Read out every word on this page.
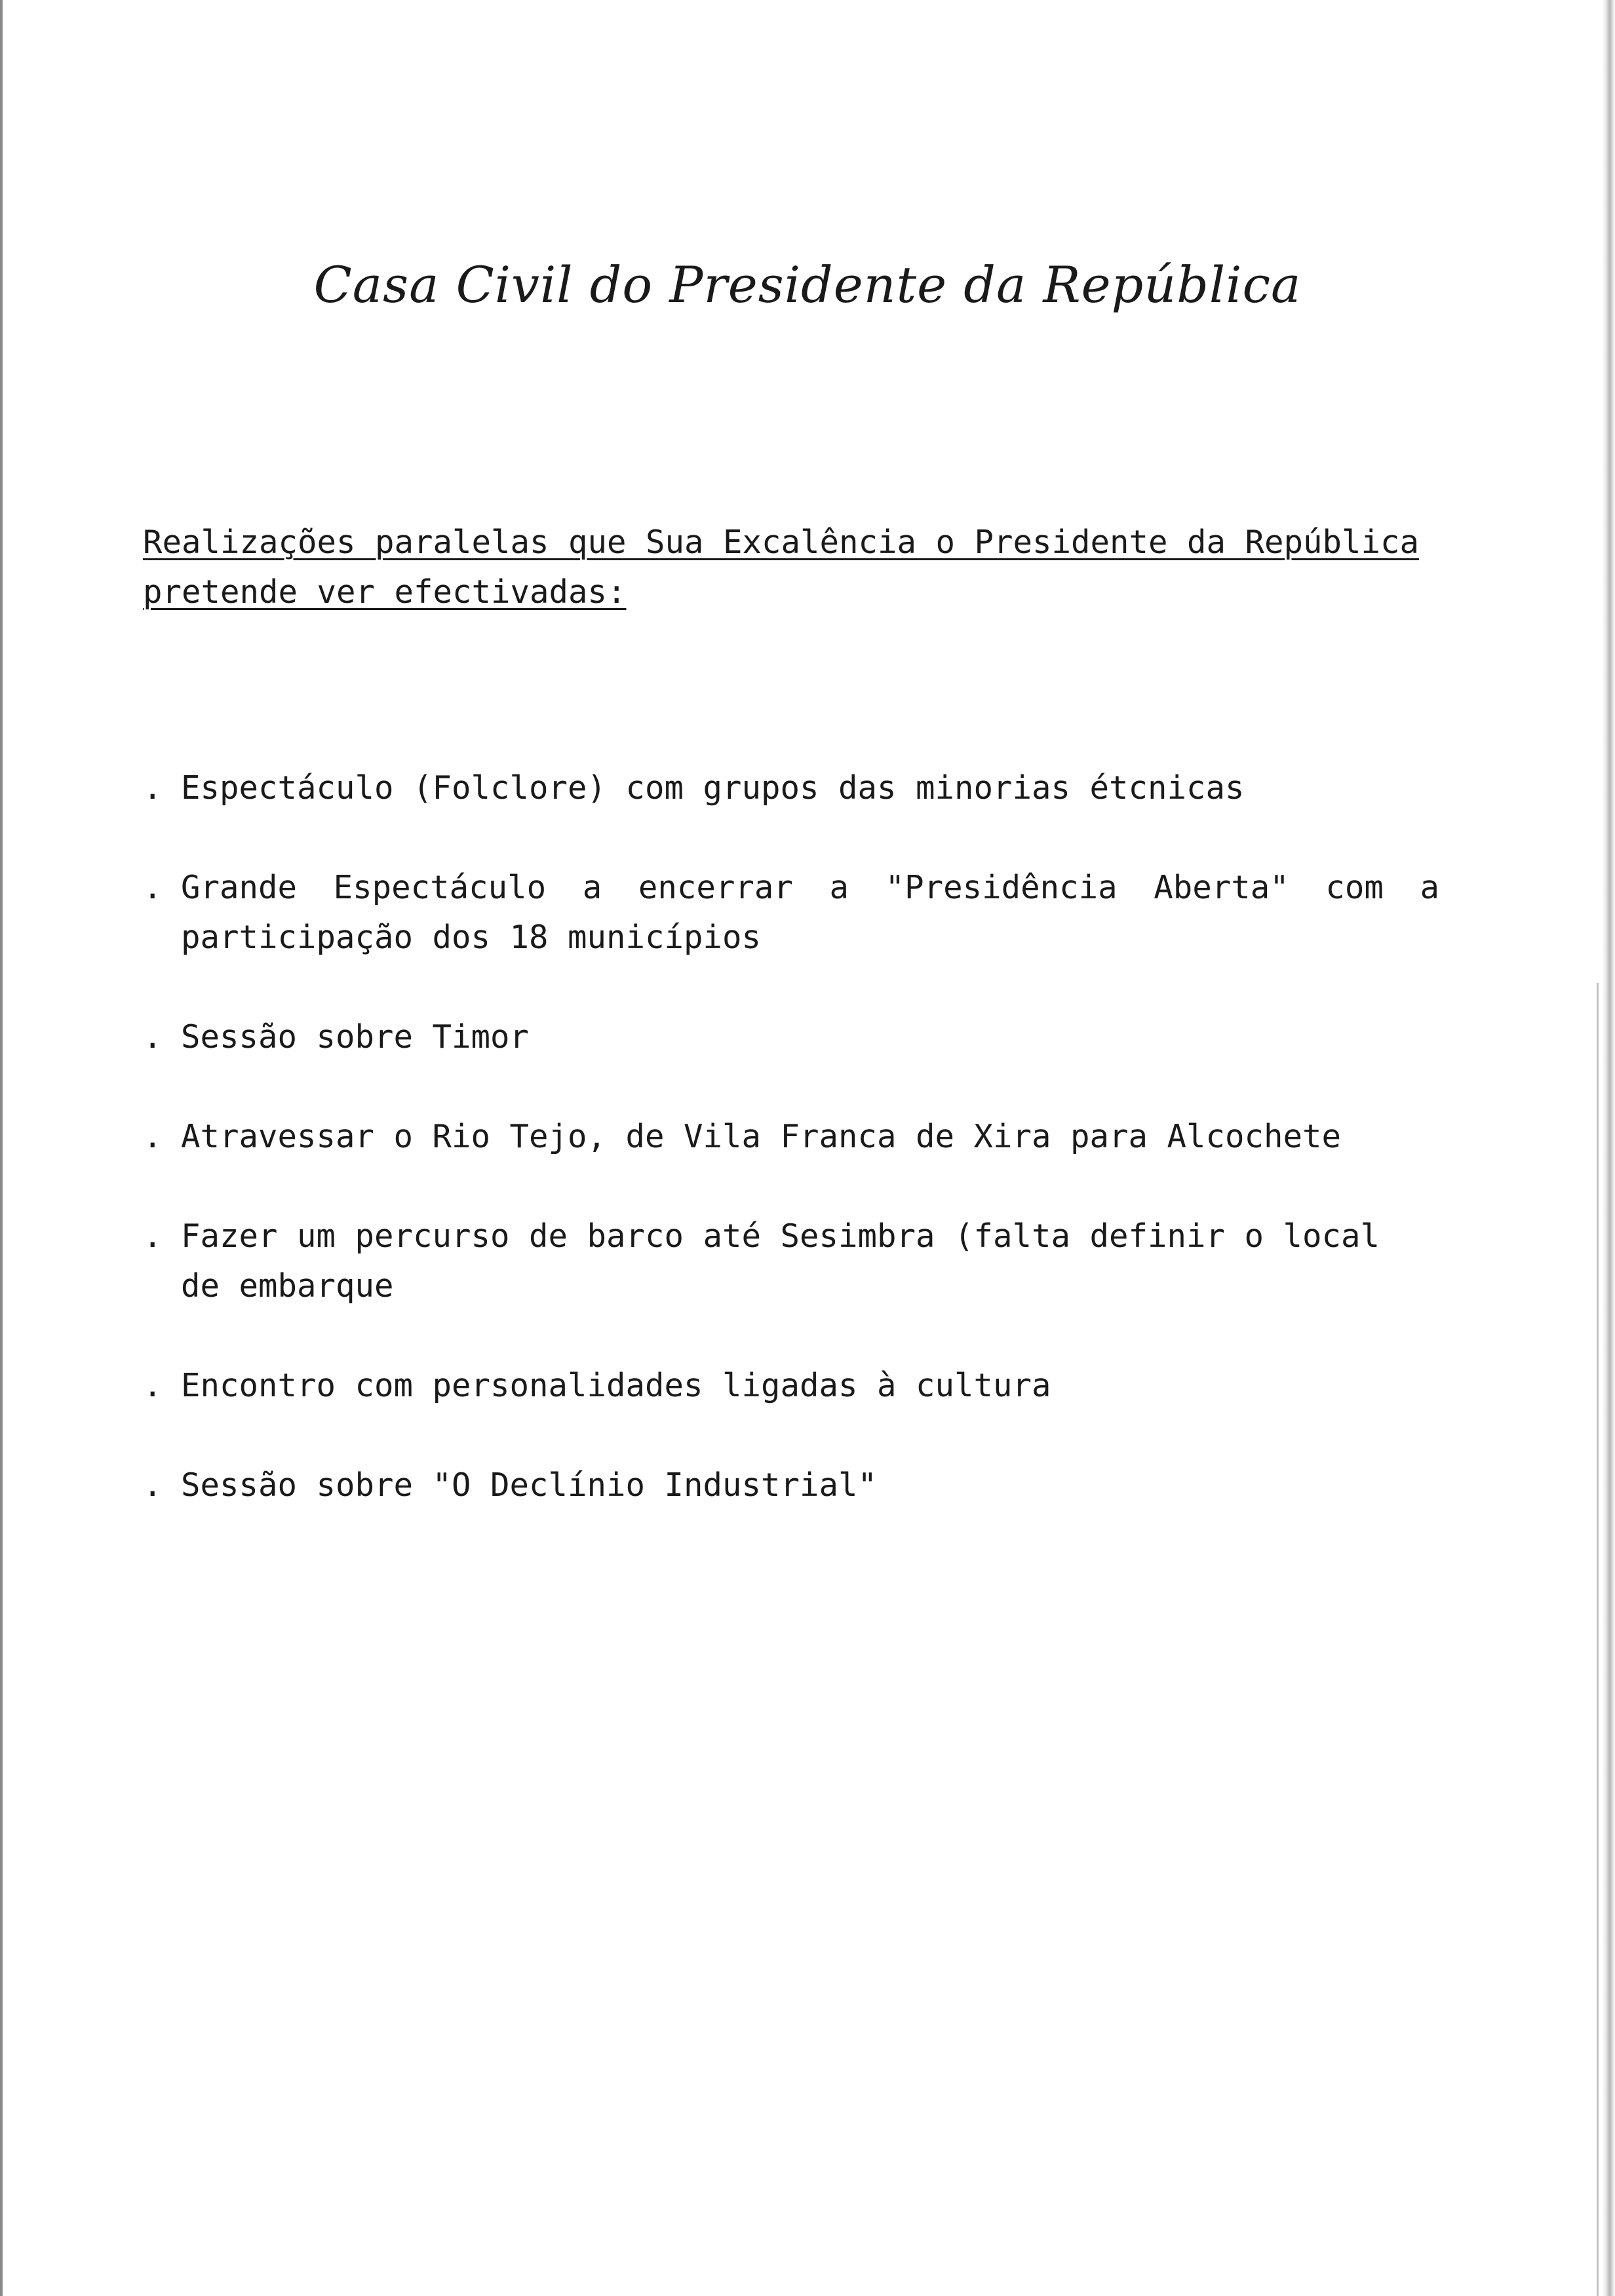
Casa Civil do Presidente da República
Realizações paralelas que Sua Excalência o Presidente da República
pretende ver efectivadas:
. Espectáculo (Folclore) com grupos das minorias étcnicas
. Grande Espectáculo a encerrar a "Presidência Aberta" com a
participação dos 18 municípios
. Sessão sobre Timor
. Atravessar o Rio Tejo, de Vila Franca de Xira para Alcochete
. Fazer um percurso de barco até Sesimbra (falta definir o local
de embarque
. Encontro com personalidades ligadas à cultura
. Sessão sobre "O Declínio Industrial"
